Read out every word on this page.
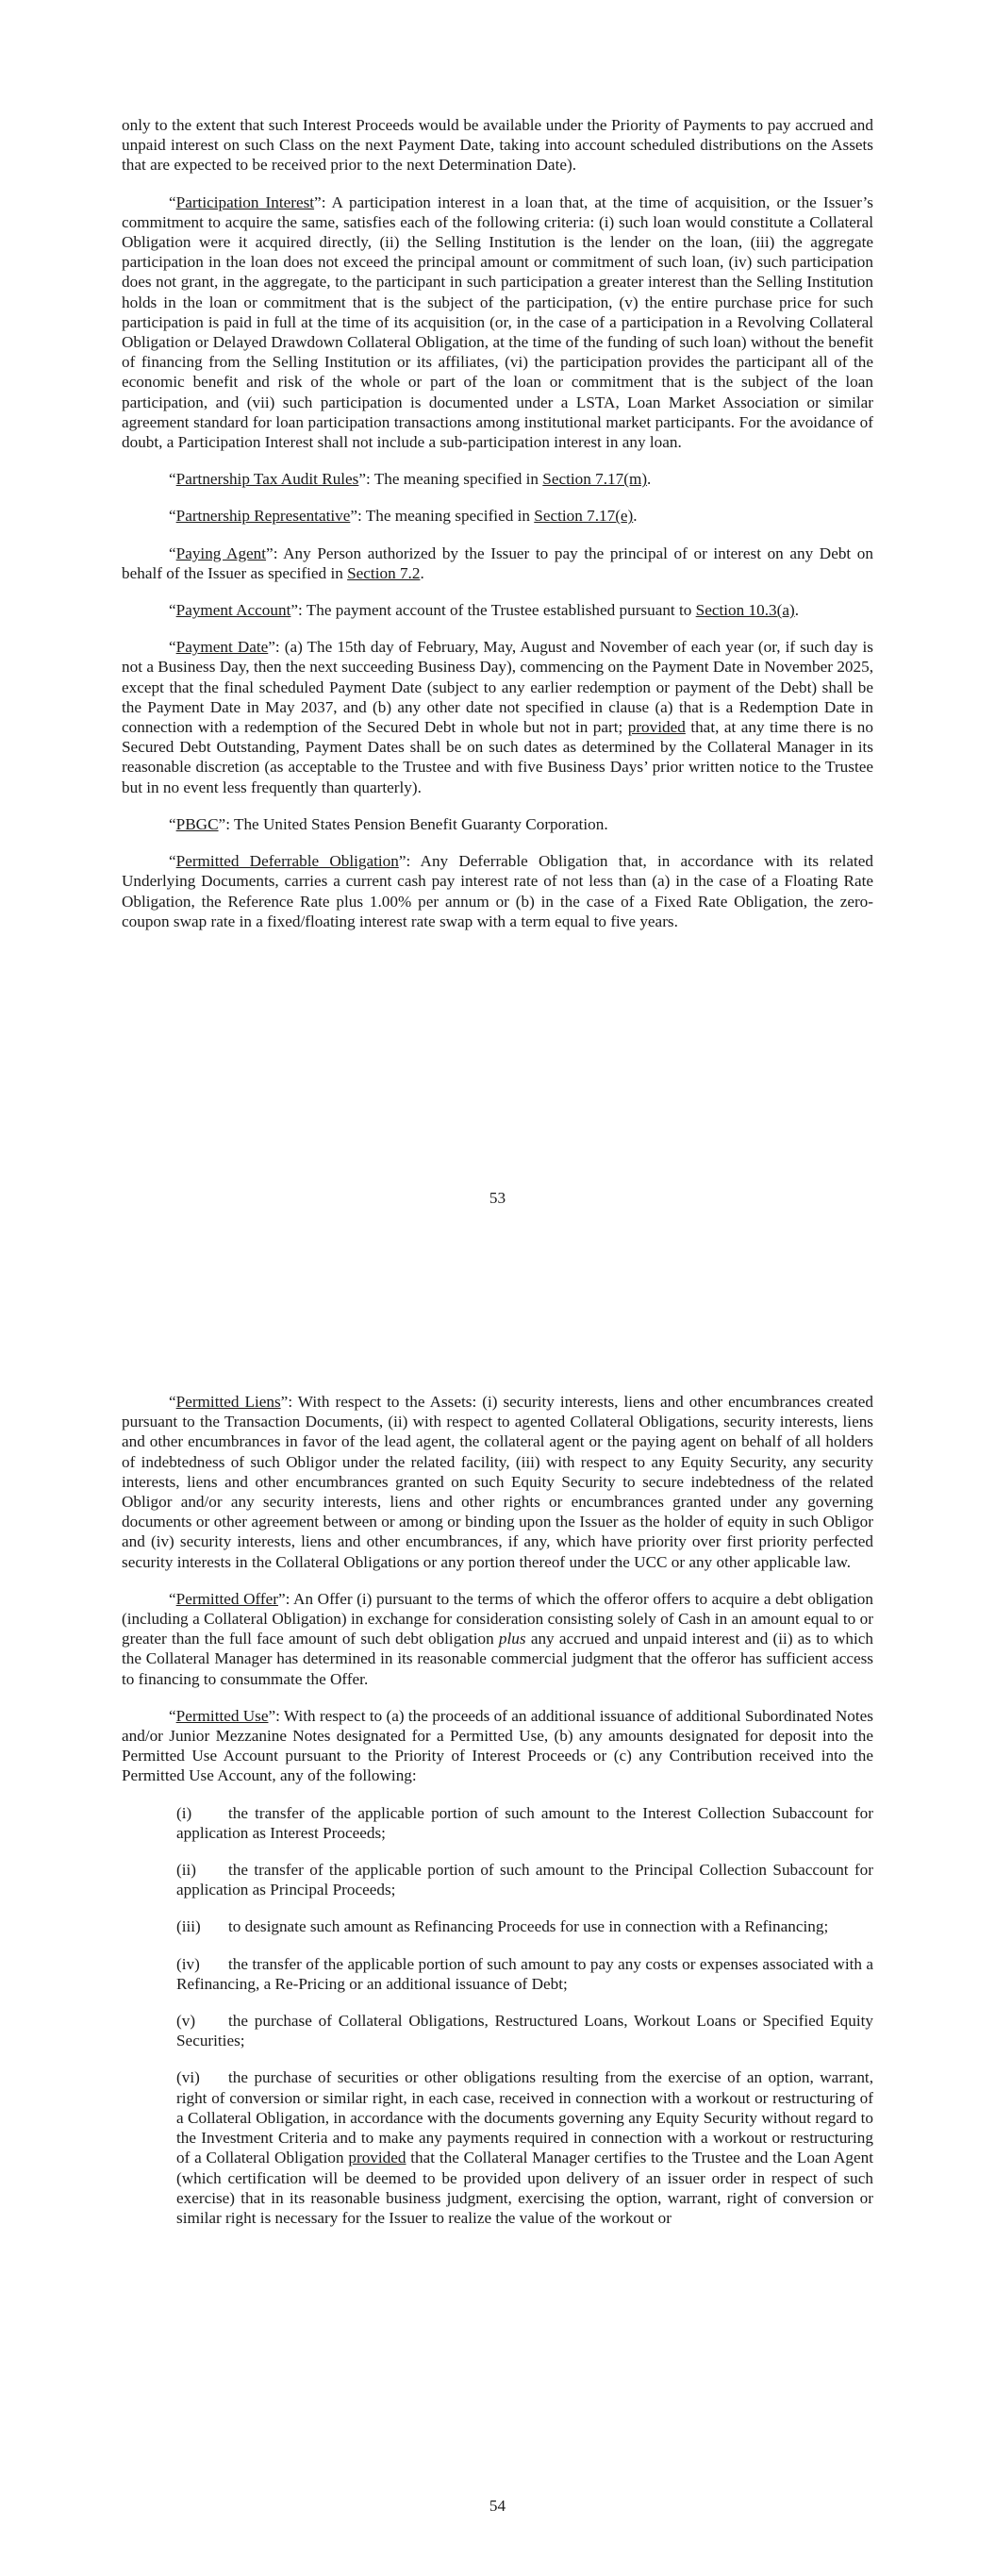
only to the extent that such Interest Proceeds would be available under the Priority of Payments to pay accrued and unpaid interest on such Class on the next Payment Date, taking into account scheduled distributions on the Assets that are expected to be received prior to the next Determination Date).

“Participation Interest”: A participation interest in a loan that, at the time of acquisition, or the Issuer’s commitment to acquire the same, satisfies each of the following criteria: (i) such loan would constitute a Collateral Obligation were it acquired directly, (ii) the Selling Institution is the lender on the loan, (iii) the aggregate participation in the loan does not exceed the principal amount or commitment of such loan, (iv) such participation does not grant, in the aggregate, to the participant in such participation a greater interest than the Selling Institution holds in the loan or commitment that is the subject of the participation, (v) the entire purchase price for such participation is paid in full at the time of its acquisition (or, in the case of a participation in a Revolving Collateral Obligation or Delayed Drawdown Collateral Obligation, at the time of the funding of such loan) without the benefit of financing from the Selling Institution or its affiliates, (vi) the participation provides the participant all of the economic benefit and risk of the whole or part of the loan or commitment that is the subject of the loan participation, and (vii) such participation is documented under a LSTA, Loan Market Association or similar agreement standard for loan participation transactions among institutional market participants. For the avoidance of doubt, a Participation Interest shall not include a sub-participation interest in any loan.

“Partnership Tax Audit Rules”: The meaning specified in Section 7.17(m).

“Partnership Representative”: The meaning specified in Section 7.17(e).

“Paying Agent”: Any Person authorized by the Issuer to pay the principal of or interest on any Debt on behalf of the Issuer as specified in Section 7.2.

“Payment Account”: The payment account of the Trustee established pursuant to Section 10.3(a).

“Payment Date”: (a) The 15th day of February, May, August and November of each year (or, if such day is not a Business Day, then the next succeeding Business Day), commencing on the Payment Date in November 2025, except that the final scheduled Payment Date (subject to any earlier redemption or payment of the Debt) shall be the Payment Date in May 2037, and (b) any other date not specified in clause (a) that is a Redemption Date in connection with a redemption of the Secured Debt in whole but not in part; provided that, at any time there is no Secured Debt Outstanding, Payment Dates shall be on such dates as determined by the Collateral Manager in its reasonable discretion (as acceptable to the Trustee and with five Business Days’ prior written notice to the Trustee but in no event less frequently than quarterly).

“PBGC”: The United States Pension Benefit Guaranty Corporation.

“Permitted Deferrable Obligation”: Any Deferrable Obligation that, in accordance with its related Underlying Documents, carries a current cash pay interest rate of not less than (a) in the case of a Floating Rate Obligation, the Reference Rate plus 1.00% per annum or (b) in the case of a Fixed Rate Obligation, the zero-coupon swap rate in a fixed/floating interest rate swap with a term equal to five years.

53

“Permitted Liens”: With respect to the Assets: (i) security interests, liens and other encumbrances created pursuant to the Transaction Documents, (ii) with respect to agented Collateral Obligations, security interests, liens and other encumbrances in favor of the lead agent, the collateral agent or the paying agent on behalf of all holders of indebtedness of such Obligor under the related facility, (iii) with respect to any Equity Security, any security interests, liens and other encumbrances granted on such Equity Security to secure indebtedness of the related Obligor and/or any security interests, liens and other rights or encumbrances granted under any governing documents or other agreement between or among or binding upon the Issuer as the holder of equity in such Obligor and (iv) security interests, liens and other encumbrances, if any, which have priority over first priority perfected security interests in the Collateral Obligations or any portion thereof under the UCC or any other applicable law.

“Permitted Offer”: An Offer (i) pursuant to the terms of which the offeror offers to acquire a debt obligation (including a Collateral Obligation) in exchange for consideration consisting solely of Cash in an amount equal to or greater than the full face amount of such debt obligation plus any accrued and unpaid interest and (ii) as to which the Collateral Manager has determined in its reasonable commercial judgment that the offeror has sufficient access to financing to consummate the Offer.

“Permitted Use”: With respect to (a) the proceeds of an additional issuance of additional Subordinated Notes and/or Junior Mezzanine Notes designated for a Permitted Use, (b) any amounts designated for deposit into the Permitted Use Account pursuant to the Priority of Interest Proceeds or (c) any Contribution received into the Permitted Use Account, any of the following:

(i) the transfer of the applicable portion of such amount to the Interest Collection Subaccount for application as Interest Proceeds;
(ii) the transfer of the applicable portion of such amount to the Principal Collection Subaccount for application as Principal Proceeds;
(iii) to designate such amount as Refinancing Proceeds for use in connection with a Refinancing;
(iv) the transfer of the applicable portion of such amount to pay any costs or expenses associated with a Refinancing, a Re-Pricing or an additional issuance of Debt;
(v) the purchase of Collateral Obligations, Restructured Loans, Workout Loans or Specified Equity Securities;
(vi) the purchase of securities or other obligations resulting from the exercise of an option, warrant, right of conversion or similar right, in each case, received in connection with a workout or restructuring of a Collateral Obligation, in accordance with the documents governing any Equity Security without regard to the Investment Criteria and to make any payments required in connection with a workout or restructuring of a Collateral Obligation provided that the Collateral Manager certifies to the Trustee and the Loan Agent (which certification will be deemed to be provided upon delivery of an issuer order in respect of such exercise) that in its reasonable business judgment, exercising the option, warrant, right of conversion or similar right is necessary for the Issuer to realize the value of the workout or
54
